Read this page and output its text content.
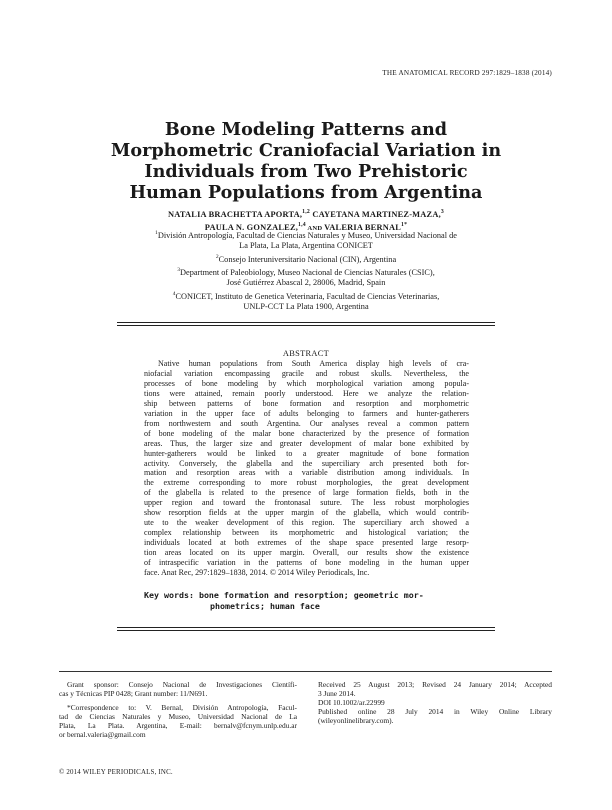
THE ANATOMICAL RECORD 297:1829–1838 (2014)
Bone Modeling Patterns and
Morphometric Craniofacial Variation in
Individuals from Two Prehistoric
Human Populations from Argentina
NATALIA BRACHETTA APORTA,$^{1,2}$ CAYETANA MARTINEZ-MAZA,$^3$
PAULA N. GONZALEZ,$^{1,4}$ AND VALERIA $BERNAL^{1*}$
$^1$División Antropología, Facultad de Ciencias Naturales y Museo, Universidad Nacional de
La Plata, La Plata, Argentina CONICET
$^2$Consejo Interuniversitario Nacional (CIN), Argentina
$^3$Department of Paleobiology, Museo Nacional de Ciencias Naturales (CSIC),
José Gutiérrez Abascal 2, 28006, Madrid, Spain
$^4$CONICET, Instituto de Genetica Veterinaria, Facultad de Ciencias Veterinarias,
UNLP-CCT La Plata 1900, Argentina
ABSTRACT
Native human populations from South America display high levels of cra-
niofacial variation encompassing gracile and robust skulls. Nevertheless, the
processes of bone modeling by which morphological variation among popula-
tions were attained, remain poorly understood. Here we analyze the relation-
ship between patterns of bone formation and resorption and morphometric
variation in the upper face of adults belonging to farmers and hunter-gatherers
from northwestern and south Argentina. Our analyses reveal a common pattern
of bone modeling of the malar bone characterized by the presence of formation
areas. Thus, the larger size and greater development of malar bone exhibited by
hunter-gatherers would be linked to a greater magnitude of bone formation
activity. Conversely, the glabella and the superciliary arch presented both for-
mation and resorption areas with a variable distribution among individuals. In
the extreme corresponding to more robust morphologies, the great development
of the glabella is related to the presence of large formation fields, both in the
upper region and toward the frontonasal suture. The less robust morphologies
show resorption fields at the upper margin of the glabella, which would contrib-
ute to the weaker development of this region. The superciliary arch showed a
complex relationship between its morphometric and histological variation; the
individuals located at both extremes of the shape space presented large resorp-
tion areas located on its upper margin. Overall, our results show the existence
of intraspecific variation in the patterns of bone modeling in the human upper
face. Anat Rec, 297:1829–1838, 2014. © 2014 Wiley Periodicals, Inc.
Key words: bone formation and resorption; geometric mor-
phometrics; human face
Grant sponsor: Consejo Nacional de Investigaciones Científi-
cas y Técnicas PIP 0428; Grant number: 11/N691.
*Correspondence to: V. Bernal, División Antropología, Facul-
tad de Ciencias Naturales y Museo, Universidad Nacional de La
Plata, La Plata. Argentina, E-mail: bernalv@fcnym.unlp.edu.ar
or bernal.valeria@gmail.com
Received 25 August 2013; Revised 24 January 2014; Accepted
3 June 2014.
DOI 10.1002/ar.22999
Published online 28 July 2014 in Wiley Online Library
(wileyonlinelibrary.com).
© 2014 WILEY PERIODICALS, INC.
